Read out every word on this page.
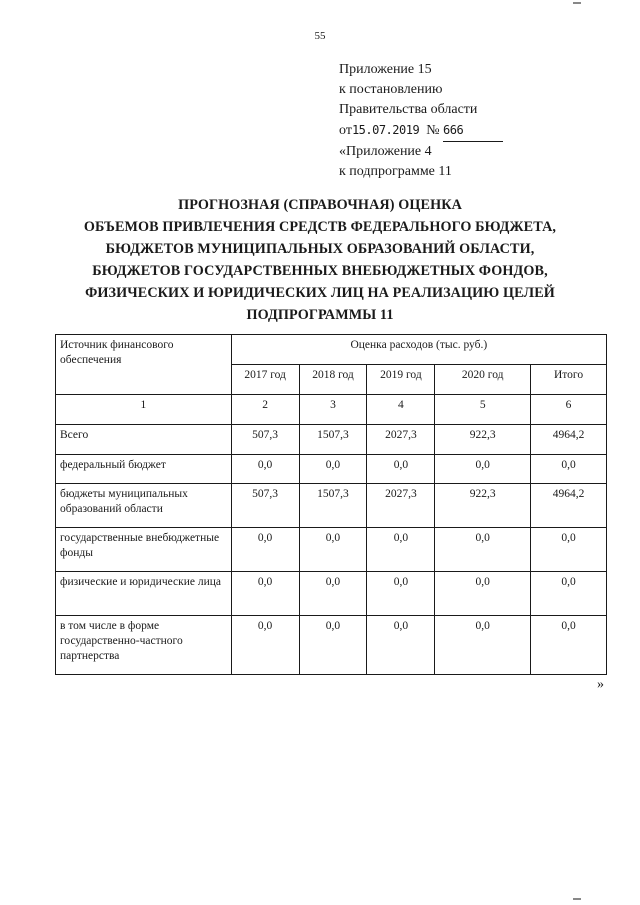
55
Приложение 15
к постановлению
Правительства области
от15.07.2019 № 666
«Приложение 4
к подпрограмме 11
ПРОГНОЗНАЯ (СПРАВОЧНАЯ) ОЦЕНКА
ОБЪЕМОВ ПРИВЛЕЧЕНИЯ СРЕДСТВ ФЕДЕРАЛЬНОГО БЮДЖЕТА,
БЮДЖЕТОВ МУНИЦИПАЛЬНЫХ ОБРАЗОВАНИЙ ОБЛАСТИ,
БЮДЖЕТОВ ГОСУДАРСТВЕННЫХ ВНЕБЮДЖЕТНЫХ ФОНДОВ,
ФИЗИЧЕСКИХ И ЮРИДИЧЕСКИХ ЛИЦ НА РЕАЛИЗАЦИЮ ЦЕЛЕЙ
ПОДПРОГРАММЫ 11
Источник финансового обеспечения	Оценка расходов (тыс. руб.)				
	2017 год	2018 год	2019 год	2020 год	Итого
1	2	3	4	5	6
Всего	507,3	1507,3	2027,3	922,3	4964,2
федеральный бюджет	0,0	0,0	0,0	0,0	0,0
бюджеты муниципальных образований области	507,3	1507,3	2027,3	922,3	4964,2
государственные внебюджетные фонды	0,0	0,0	0,0	0,0	0,0
физические и юридические лица	0,0	0,0	0,0	0,0	0,0
в том числе в форме государственно-частного партнерства	0,0	0,0	0,0	0,0	0,0
»
